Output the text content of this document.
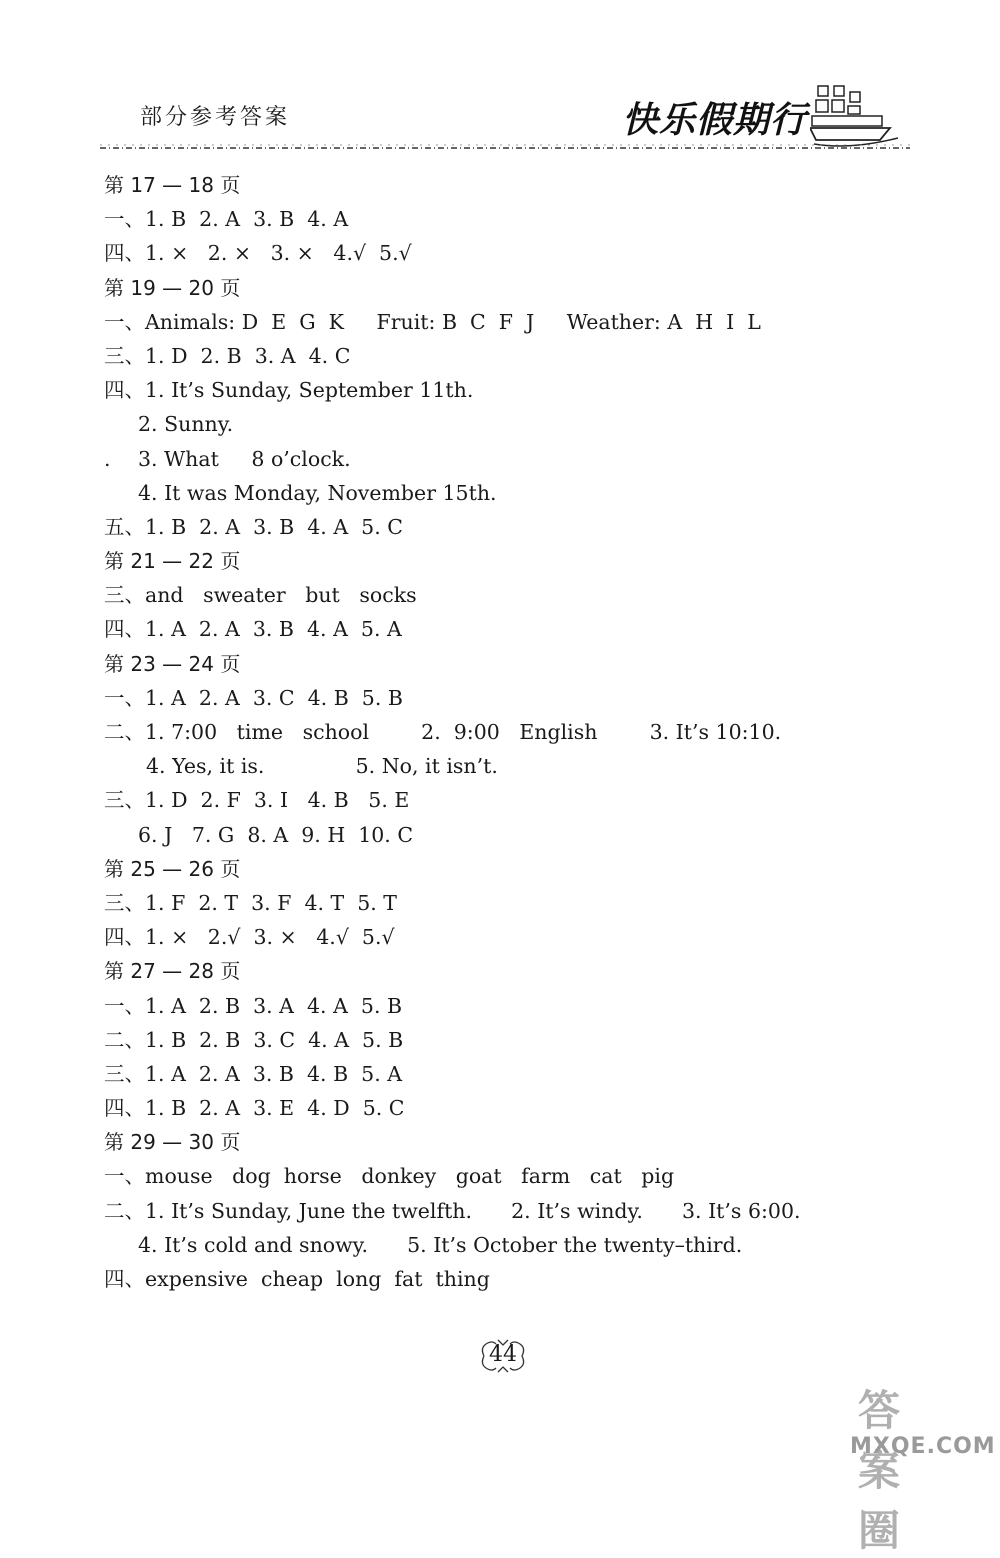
部分参考答案	快乐假期行
第 17 — 18 页
一、1. B  2. A  3. B  4. A
四、1. ×   2. ×   3. ×   4.√  5.√
第 19 — 20 页
一、Animals: D  E  G  K     Fruit: B  C  F  J     Weather: A  H  I  L
三、1. D  2. B  3. A  4. C
四、1. It’s Sunday, September 11th.
2. Sunny.
. 3. What     8 o’clock.
4. It was Monday, November 15th.
五、1. B  2. A  3. B  4. A  5. C
第 21 — 22 页
三、and   sweater   but   socks
四、1. A  2. A  3. B  4. A  5. A
第 23 — 24 页
一、1. A  2. A  3. C  4. B  5. B
二、1. 7:00   time   school        2.  9:00   English        3. It’s 10:10.
4. Yes, it is.              5. No, it isn’t.
三、1. D  2. F  3. I   4. B   5. E
6. J   7. G  8. A  9. H  10. C
第 25 — 26 页
三、1. F  2. T  3. F  4. T  5. T
四、1. ×   2.√  3. ×   4.√  5.√
第 27 — 28 页
一、1. A  2. B  3. A  4. A  5. B
二、1. B  2. B  3. C  4. A  5. B
三、1. A  2. A  3. B  4. B  5. A
四、1. B  2. A  3. E  4. D  5. C
第 29 — 30 页
一、mouse   dog  horse   donkey   goat   farm   cat   pig
二、1. It’s Sunday, June the twelfth.      2. It’s windy.      3. It’s 6:00.
4. It’s cold and snowy.      5. It’s October the twenty–third.
四、expensive  cheap  long  fat  thing
44
答案圈
MXQE.COM
